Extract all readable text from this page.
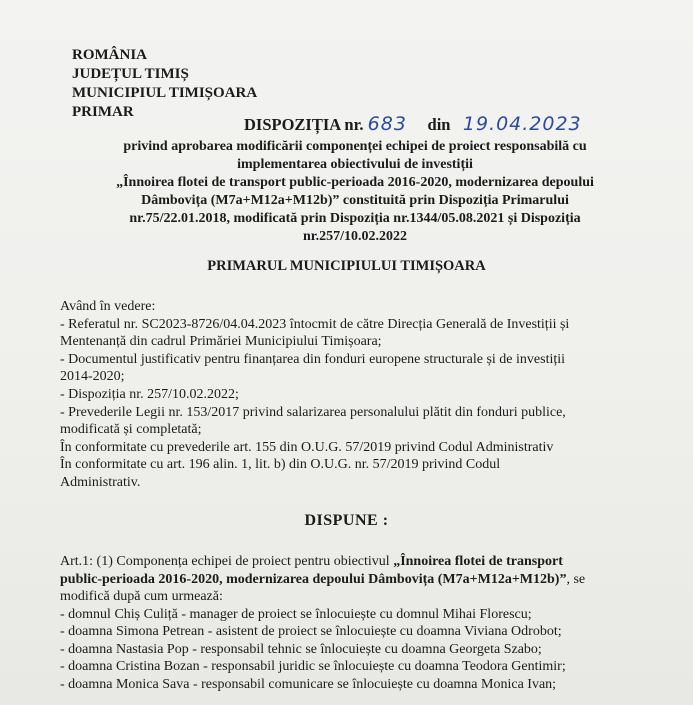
ROMÂNIA
JUDEȚUL TIMIȘ
MUNICIPIUL TIMIȘOARA
PRIMAR
DISPOZIȚIA nr. 683 din 19.04.2023
privind aprobarea modificării componenței echipei de proiect responsabilă cu
implementarea obiectivului de investiții
„Înnoirea flotei de transport public-perioada 2016-2020, modernizarea depoului
Dâmbovița (M7a+M12a+M12b)” constituită prin Dispoziția Primarului
nr.75/22.01.2018, modificată prin Dispoziția nr.1344/05.08.2021 și Dispoziția
nr.257/10.02.2022
PRIMARUL MUNICIPIULUI TIMIȘOARA

Având în vedere:

- Referatul nr. SC2023-8726/04.04.2023 întocmit de către Direcția Generală de Investiții și

Mentenanță din cadrul Primăriei Municipiului Timișoara;

- Documentul justificativ pentru finanțarea din fonduri europene structurale și de investiții

2014-2020;

- Dispoziția nr. 257/10.02.2022;

- Prevederile Legii nr. 153/2017 privind salarizarea personalului plătit din fonduri publice,

modificată și completată;

În conformitate cu prevederile art. 155 din O.U.G. 57/2019 privind Codul Administrativ

În conformitate cu art. 196 alin. 1, lit. b) din O.U.G. nr. 57/2019 privind Codul

Administrativ.

DISPUNE :

Art.1: (1) Componența echipei de proiect pentru obiectivul „Înnoirea flotei de transport

public-perioada 2016-2020, modernizarea depoului Dâmbovița (M7a+M12a+M12b)”, se

modifică după cum urmează:

- domnul Chiș Culiță - manager de proiect se înlocuiește cu domnul Mihai Florescu;

- doamna Simona Petrean - asistent de proiect se înlocuiește cu doamna Viviana Odrobot;

- doamna Nastasia Pop - responsabil tehnic se înlocuiește cu doamna Georgeta Szabo;

- doamna Cristina Bozan - responsabil juridic se înlocuiește cu doamna Teodora Gentimir;

- doamna Monica Sava - responsabil comunicare se înlocuiește cu doamna Monica Ivan;
